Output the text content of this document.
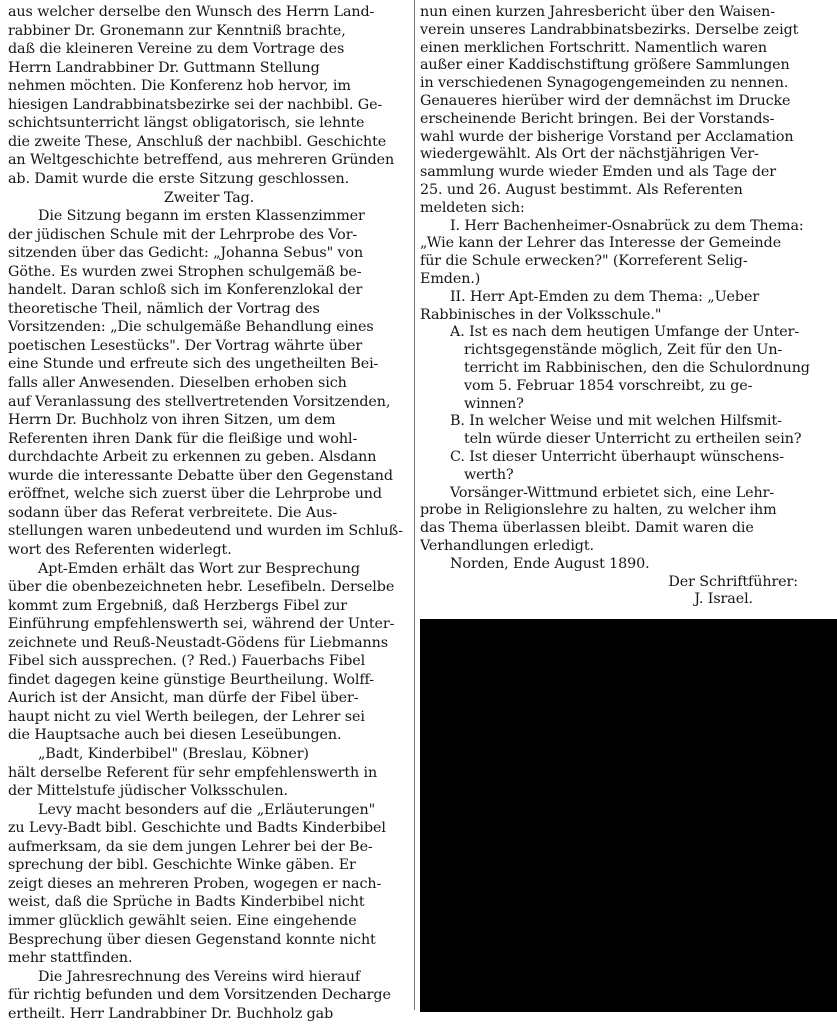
aus welcher derselbe den Wunsch des Herrn Land-
rabbiner Dr. Gronemann zur Kenntniß brachte,
daß die kleineren Vereine zu dem Vortrage des
Herrn Landrabbiner Dr. Guttmann Stellung
nehmen möchten. Die Konferenz hob hervor, im
hiesigen Landrabbinatsbezirke sei der nachbibl. Ge-
schichtsunterricht längst obligatorisch, sie lehnte
die zweite These, Anschluß der nachbibl. Geschichte
an Weltgeschichte betreffend, aus mehreren Gründen
ab. Damit wurde die erste Sitzung geschlossen.
Zweiter Tag.
Die Sitzung begann im ersten Klassenzimmer
der jüdischen Schule mit der Lehrprobe des Vor-
sitzenden über das Gedicht: „Johanna Sebus" von
Göthe. Es wurden zwei Strophen schulgemäß be-
handelt. Daran schloß sich im Konferenzlokal der
theoretische Theil, nämlich der Vortrag des
Vorsitzenden: „Die schulgemäße Behandlung eines
poetischen Lesestücks". Der Vortrag währte über
eine Stunde und erfreute sich des ungetheilten Bei-
falls aller Anwesenden. Dieselben erhoben sich
auf Veranlassung des stellvertretenden Vorsitzenden,
Herrn Dr. Buchholz von ihren Sitzen, um dem
Referenten ihren Dank für die fleißige und wohl-
durchdachte Arbeit zu erkennen zu geben. Alsdann
wurde die interessante Debatte über den Gegenstand
eröffnet, welche sich zuerst über die Lehrprobe und
sodann über das Referat verbreitete. Die Aus-
stellungen waren unbedeutend und wurden im Schluß-
wort des Referenten widerlegt.
Apt-Emden erhält das Wort zur Besprechung
über die obenbezeichneten hebr. Lesefibeln. Derselbe
kommt zum Ergebniß, daß Herzbergs Fibel zur
Einführung empfehlenswerth sei, während der Unter-
zeichnete und Reuß-Neustadt-Gödens für Liebmanns
Fibel sich aussprechen. (? Red.) Fauerbachs Fibel
findet dagegen keine günstige Beurtheilung. Wolff-
Aurich ist der Ansicht, man dürfe der Fibel über-
haupt nicht zu viel Werth beilegen, der Lehrer sei
die Hauptsache auch bei diesen Leseübungen.
„Badt, Kinderbibel" (Breslau, Köbner)
hält derselbe Referent für sehr empfehlenswerth in
der Mittelstufe jüdischer Volksschulen.
Levy macht besonders auf die „Erläuterungen"
zu Levy-Badt bibl. Geschichte und Badts Kinderbibel
aufmerksam, da sie dem jungen Lehrer bei der Be-
sprechung der bibl. Geschichte Winke gäben. Er
zeigt dieses an mehreren Proben, wogegen er nach-
weist, daß die Sprüche in Badts Kinderbibel nicht
immer glücklich gewählt seien. Eine eingehende
Besprechung über diesen Gegenstand konnte nicht
mehr stattfinden.
Die Jahresrechnung des Vereins wird hierauf
für richtig befunden und dem Vorsitzenden Decharge
ertheilt. Herr Landrabbiner Dr. Buchholz gab
nun einen kurzen Jahresbericht über den Waisen-
verein unseres Landrabbinatsbezirks. Derselbe zeigt
einen merklichen Fortschritt. Namentlich waren
außer einer Kaddischstiftung größere Sammlungen
in verschiedenen Synagogengemeinden zu nennen.
Genaueres hierüber wird der demnächst im Drucke
erscheinende Bericht bringen. Bei der Vorstands-
wahl wurde der bisherige Vorstand per Acclamation
wiedergewählt. Als Ort der nächstjährigen Ver-
sammlung wurde wieder Emden und als Tage der
25. und 26. August bestimmt. Als Referenten
meldeten sich:
I. Herr Bachenheimer-Osnabrück zu dem Thema:
„Wie kann der Lehrer das Interesse der Gemeinde
für die Schule erwecken?" (Korreferent Selig-
Emden.)
II. Herr Apt-Emden zu dem Thema: „Ueber
Rabbinisches in der Volksschule."
A. Ist es nach dem heutigen Umfange der Unter-
richtsgegenstände möglich, Zeit für den Un-
terricht im Rabbinischen, den die Schulordnung
vom 5. Februar 1854 vorschreibt, zu ge-
winnen?
B. In welcher Weise und mit welchen Hilfsmit-
teln würde dieser Unterricht zu ertheilen sein?
C. Ist dieser Unterricht überhaupt wünschens-
werth?
Vorsänger-Wittmund erbietet sich, eine Lehr-
probe in Religionslehre zu halten, zu welcher ihm
das Thema überlassen bleibt. Damit waren die
Verhandlungen erledigt.
Norden, Ende August 1890.
Der Schriftführer:
J. Israel.
